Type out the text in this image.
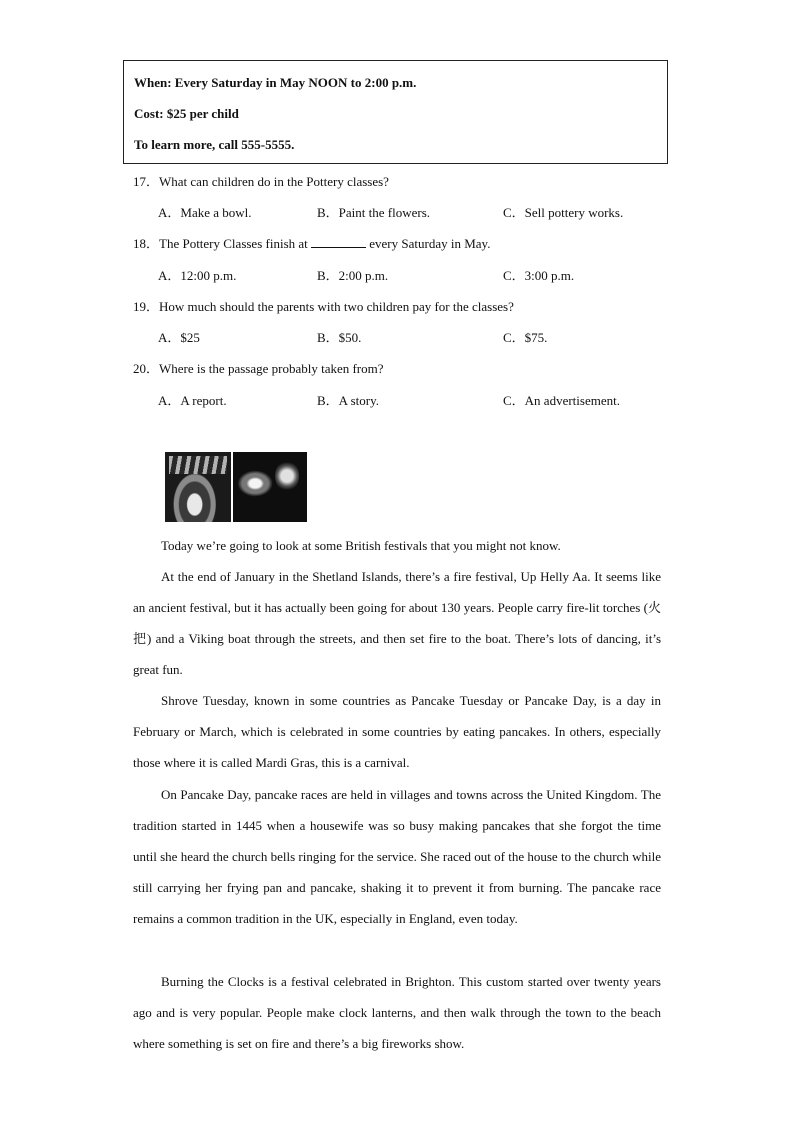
When: Every Saturday in May NOON to 2:00 p.m.
Cost: $25 per child
To learn more, call 555-5555.
17．What can children do in the Pottery classes?
A．Make a bowl.	B．Paint the flowers.	C．Sell pottery works.
18．The Pottery Classes finish at	every Saturday in May.
A．12:00 p.m.	B．2:00 p.m.	C．3:00 p.m.
19．How much should the parents with two children pay for the classes?
A．$25	B．$50.	C．$75.
20．Where is the passage probably taken from?
A．A report.	B．A story.	C．An advertisement.

Today we’re going to look at some British festivals that you might not know.

At the end of January in the Shetland Islands, there’s a fire festival, Up Helly Aa. It seems like an ancient festival, but it has actually been going for about 130 years. People carry fire-lit torches (火把) and a Viking boat through the streets, and then set fire to the boat. There’s lots of dancing, it’s great fun.

Shrove Tuesday, known in some countries as Pancake Tuesday or Pancake Day, is a day in February or March, which is celebrated in some countries by eating pancakes. In others, especially those where it is called Mardi Gras, this is a carnival.

On Pancake Day, pancake races are held in villages and towns across the United Kingdom. The tradition started in 1445 when a housewife was so busy making pancakes that she forgot the time until she heard the church bells ringing for the service. She raced out of the house to the church while still carrying her frying pan and pancake, shaking it to prevent it from burning. The pancake race remains a common tradition in the UK, especially in England, even today.

Burning the Clocks is a festival celebrated in Brighton. This custom started over twenty years ago and is very popular. People make clock lanterns, and then walk through the town to the beach where something is set on fire and there’s a big fireworks show.
